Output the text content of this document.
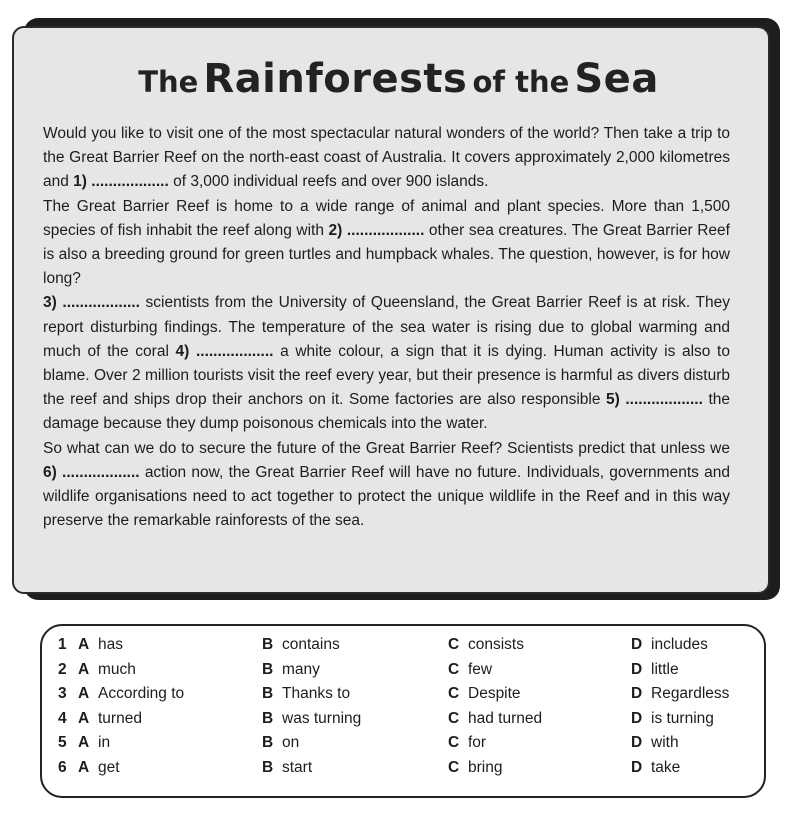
The Rainforests of the Sea

Would you like to visit one of the most spectacular natural wonders of the world? Then take a trip to the Great Barrier Reef on the north-east coast of Australia. It covers approximately 2,000 kilometres and 1) .................. of 3,000 individual reefs and over 900 islands.

The Great Barrier Reef is home to a wide range of animal and plant species. More than 1,500 species of fish inhabit the reef along with 2) .................. other sea creatures. The Great Barrier Reef is also a breeding ground for green turtles and humpback whales. The question, however, is for how long?

3) .................. scientists from the University of Queensland, the Great Barrier Reef is at risk. They report disturbing findings. The temperature of the sea water is rising due to global warming and much of the coral 4) .................. a white colour, a sign that it is dying. Human activity is also to blame. Over 2 million tourists visit the reef every year, but their presence is harmful as divers disturb the reef and ships drop their anchors on it. Some factories are also responsible 5) .................. the damage because they dump poisonous chemicals into the water.

So what can we do to secure the future of the Great Barrier Reef? Scientists predict that unless we 6) .................. action now, the Great Barrier Reef will have no future. Individuals, governments and wildlife organisations need to act together to protect the unique wildlife in the Reef and in this way preserve the remarkable rainforests of the sea.

1 A has	B contains	C consists	D includes
2 A much	B many	C few	D little
3 A According to	B Thanks to	C Despite	D Regardless
4 A turned	B was turning	C had turned	D is turning
5 A in	B on	C for	D with
6 A get	B start	C bring	D take
